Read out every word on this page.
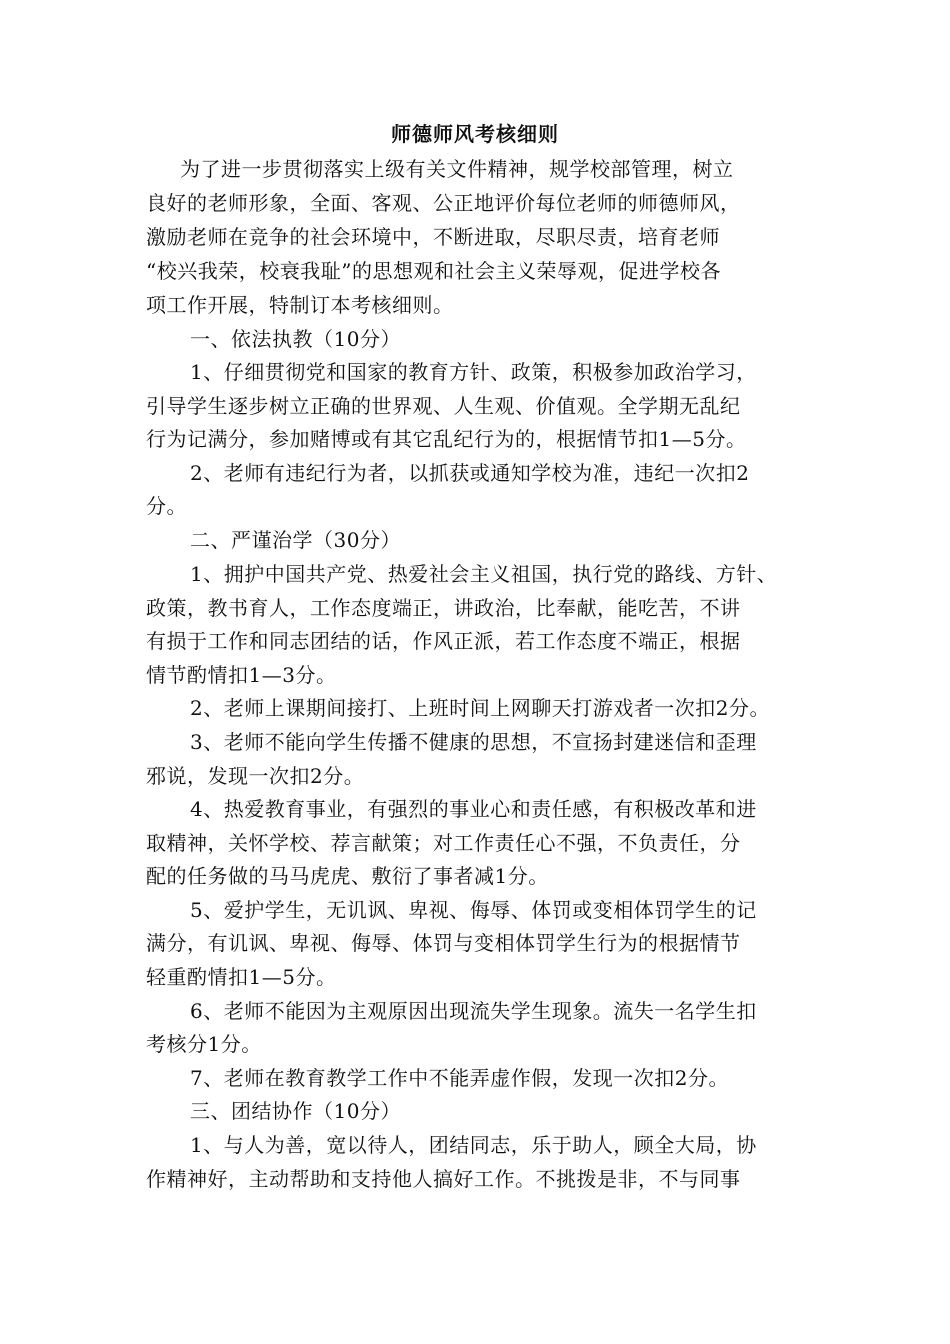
师德师风考核细则
为了进一步贯彻落实上级有关文件精神，规学校部管理，树立
良好的老师形象，全面、客观、公正地评价每位老师的师德师风，
激励老师在竞争的社会环境中，不断进取，尽职尽责，培育老师
“校兴我荣，校衰我耻”的思想观和社会主义荣辱观，促进学校各
项工作开展，特制订本考核细则。
一、依法执教（10分）
1、仔细贯彻党和国家的教育方针、政策，积极参加政治学习，
引导学生逐步树立正确的世界观、人生观、价值观。全学期无乱纪
行为记满分，参加赌博或有其它乱纪行为的，根据情节扣1—5分。
2、老师有违纪行为者，以抓获或通知学校为准，违纪一次扣2
分。
二、严谨治学（30分）
1、拥护中国共产党、热爱社会主义祖国，执行党的路线、方针、
政策，教书育人，工作态度端正，讲政治，比奉献，能吃苦，不讲
有损于工作和同志团结的话，作风正派，若工作态度不端正，根据
情节酌情扣1—3分。
2、老师上课期间接打、上班时间上网聊天打游戏者一次扣2分。
3、老师不能向学生传播不健康的思想，不宣扬封建迷信和歪理
邪说，发现一次扣2分。
4、热爱教育事业，有强烈的事业心和责任感，有积极改革和进
取精神，关怀学校、荐言献策；对工作责任心不强，不负责任，分
配的任务做的马马虎虎、敷衍了事者减1分。
5、爱护学生，无讥讽、卑视、侮辱、体罚或变相体罚学生的记
满分，有讥讽、卑视、侮辱、体罚与变相体罚学生行为的根据情节
轻重酌情扣1—5分。
6、老师不能因为主观原因出现流失学生现象。流失一名学生扣
考核分1分。
7、老师在教育教学工作中不能弄虚作假，发现一次扣2分。
三、团结协作（10分）
1、与人为善，宽以待人，团结同志，乐于助人，顾全大局，协
作精神好，主动帮助和支持他人搞好工作。不挑拨是非，不与同事
